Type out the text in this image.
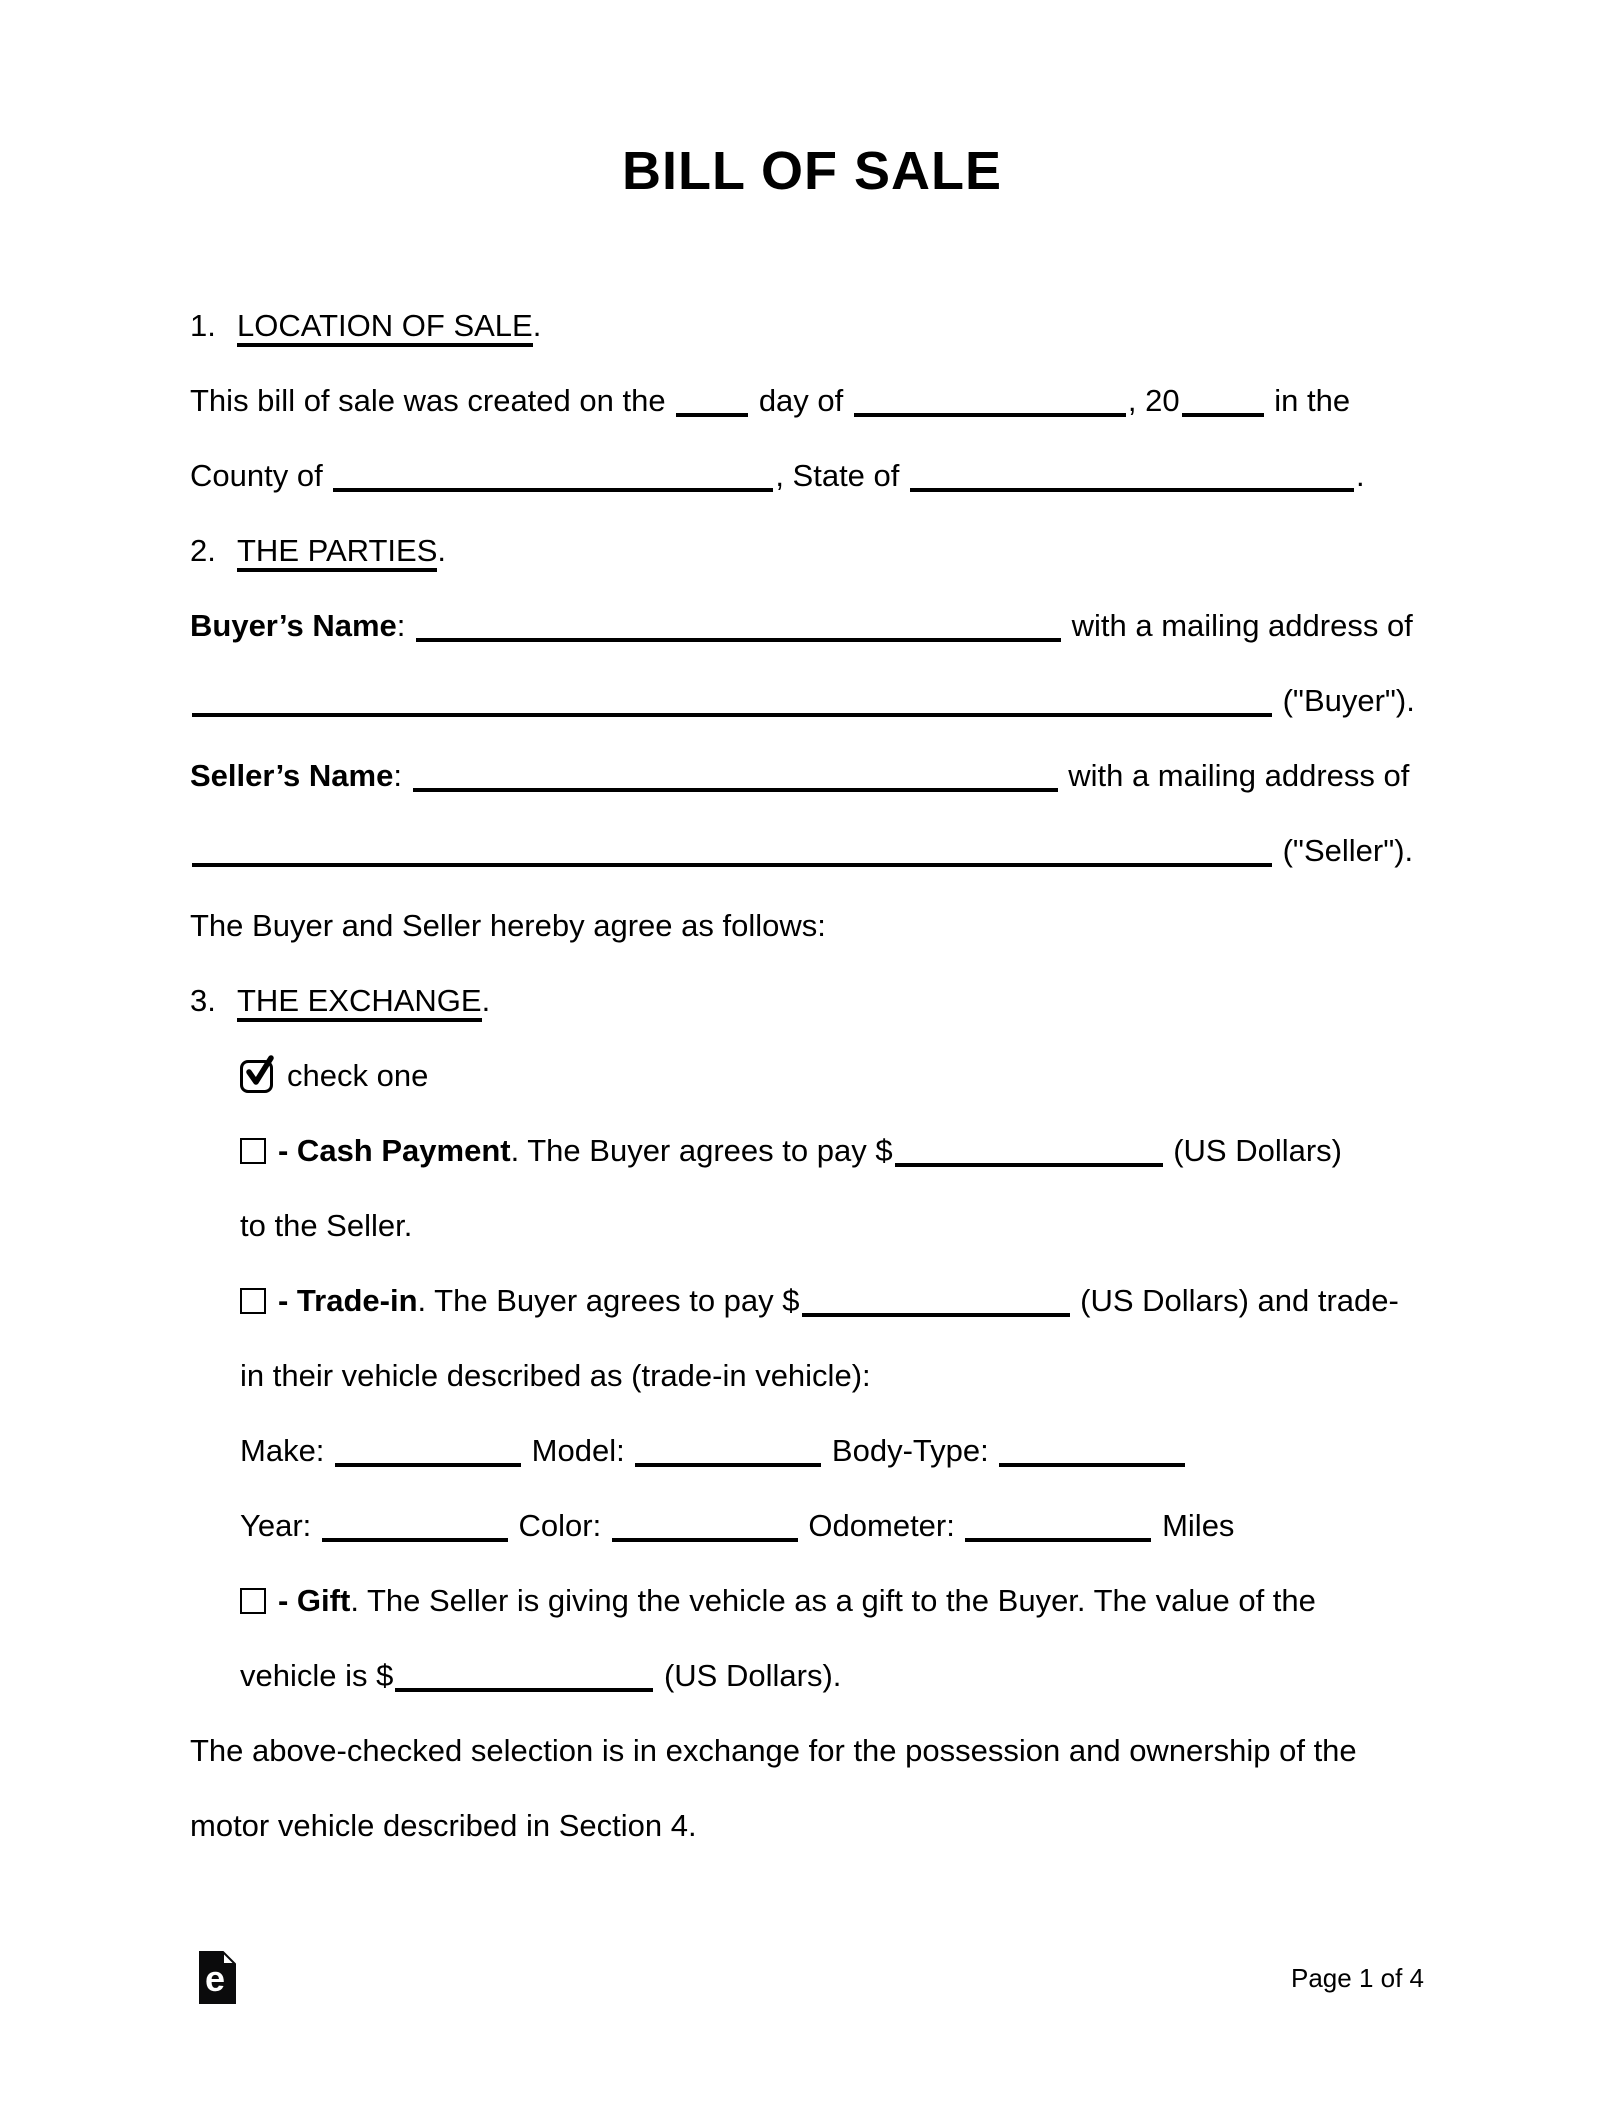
BILL OF SALE
1. LOCATION OF SALE.
This bill of sale was created on the  day of	, 20	in the
County of	, State of	.
2. THE PARTIES.
Buyer’s Name:	with a mailing address of
("Buyer").
Seller’s Name:	with a mailing address of
("Seller").
The Buyer and Seller hereby agree as follows:
3. THE EXCHANGE.
check one
- Cash Payment. The Buyer agrees to pay $	(US Dollars)
to the Seller.
- Trade-in. The Buyer agrees to pay $	(US Dollars) and trade-
in their vehicle described as (trade-in vehicle):
Make:	Model:	Body-Type:
Year:	Color:	Odometer:	Miles
- Gift. The Seller is giving the vehicle as a gift to the Buyer. The value of the
vehicle is $	(US Dollars).
The above-checked selection is in exchange for the possession and ownership of the
motor vehicle described in Section 4.
e	Page 1 of 4
